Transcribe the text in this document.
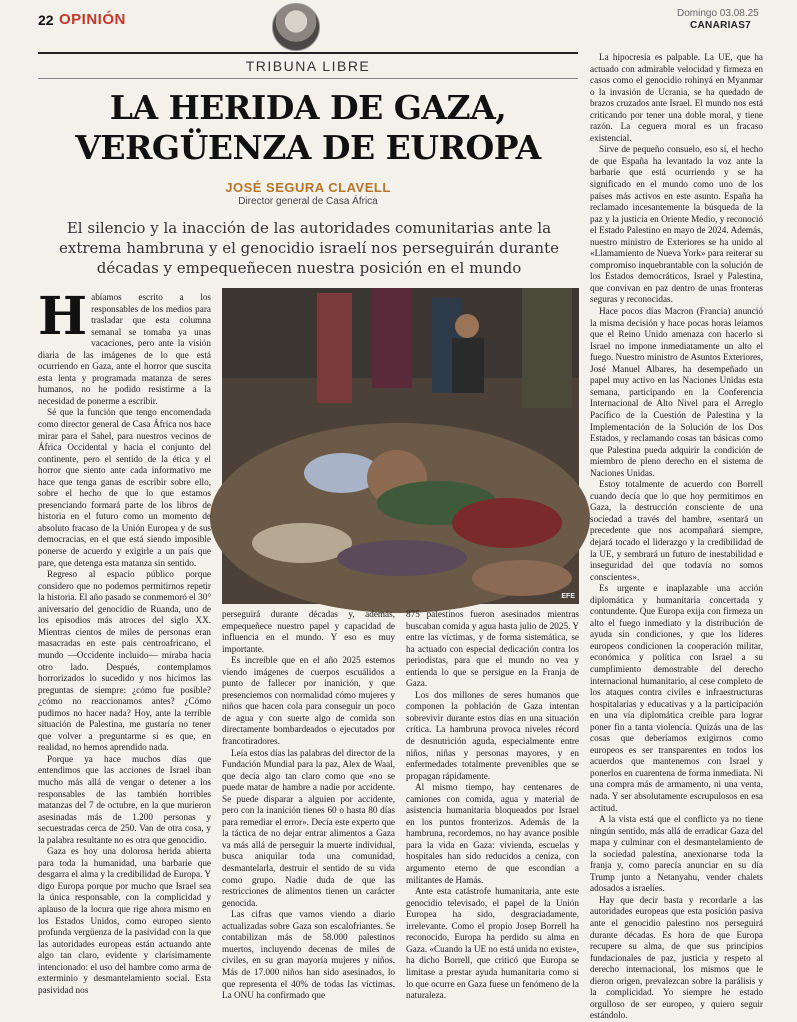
22 OPINIÓN	Domingo 03.08.25
CANARIAS7
TRIBUNA LIBRE
LA HERIDA DE GAZA,
VERGÜENZA DE EUROPA
JOSÉ SEGURA CLAVELL
Director general de Casa África
El silencio y la inacción de las autoridades comunitarias ante la extrema hambruna y el genocidio israelí nos perseguirán durante décadas y empequeñecen nuestra posición en el mundo
EFE
H abíamos escrito a los responsables de los medios para trasladar que esta columna semanal se tomaba ya unas vacaciones, pero ante la visión diaria de las imágenes de lo que está ocurriendo en Gaza, ante el horror que suscita esta lenta y programada matanza de seres humanos, no he podido resistirme a la necesidad de ponerme a escribir.

Sé que la función que tengo encomendada como director general de Casa África nos hace mirar para el Sahel, para nuestros vecinos de África Occidental y hacia el conjunto del continente, pero el sentido de la ética y el horror que siento ante cada informativo me hace que tenga ganas de escribir sobre ello, sobre el hecho de que lo que estamos presenciando formará parte de los libros de historia en el futuro como un momento de absoluto fracaso de la Unión Europea y de sus democracias, en el que está siendo imposible ponerse de acuerdo y exigirle a un país que pare, que detenga esta matanza sin sentido.

Regreso al espacio público porque considero que no podemos permitirnos repetir la historia. El año pasado se conmemoró el 30° aniversario del genocidio de Ruanda, uno de los episodios más atroces del siglo XX. Mientras cientos de miles de personas eran masacradas en este país centroafricano, el mundo —Occidente incluido— miraba hacia otro lado. Después, contemplamos horrorizados lo sucedido y nos hicimos las preguntas de siempre: ¿cómo fue posible? ¿cómo no reaccionamos antes? ¿Cómo pudimos no hacer nada? Hoy, ante la terrible situación de Palestina, me gustaría no tener que volver a preguntarme si es que, en realidad, no hemos aprendido nada.

Porque ya hace muchos días que entendimos que las acciones de Israel iban mucho más allá de vengar o detener a los responsables de las también horribles matanzas del 7 de octubre, en la que murieron asesinadas más de 1.200 personas y secuestradas cerca de 250. Van de otra cosa, y la palabra resultante no es otra que genocidio.

Gaza es hoy una dolorosa herida abierta para toda la humanidad, una barbarie que desgarra el alma y la credibilidad de Europa. Y digo Europa porque por mucho que Israel sea la única responsable, con la complicidad y aplauso de la locura que rige ahora mismo en los Estados Unidos, como europeo siento profunda vergüenza de la pasividad con la que las autoridades europeas están actuando ante algo tan claro, evidente y clarísimamente intencionado: el uso del hambre como arma de exterminio y desmantelamiento social. Esta pasividad nos

perseguirá durante décadas y, además, empequeñece nuestro papel y capacidad de influencia en el mundo. Y eso es muy importante.

Es increíble que en el año 2025 estemos viendo imágenes de cuerpos escuálidos a punto de fallecer por inanición, y que presenciemos con normalidad cómo mujeres y niños que hacen cola para conseguir un poco de agua y con suerte algo de comida son directamente bombardeados o ejecutados por francotiradores.

Leía estos días las palabras del director de la Fundación Mundial para la paz, Alex de Waal, que decía algo tan claro como que «no se puede matar de hambre a nadie por accidente. Se puede disparar a alguien por accidente, pero con la inanición tienes 60 o hasta 80 días para remediar el error». Decía este experto que la táctica de no dejar entrar alimentos a Gaza va más allá de perseguir la muerte individual, busca aniquilar toda una comunidad, desmantelarla, destruir el sentido de su vida como grupo. Nadie duda de que las restricciones de alimentos tienen un carácter genocida.

Las cifras que vamos viendo a diario actualizadas sobre Gaza son escalofriantes. Se contabilizan más de 58.000 palestinos muertos, incluyendo decenas de miles de civiles, en su gran mayoría mujeres y niños. Más de 17.000 niños han sido asesinados, lo que representa el 40% de todas las víctimas. La ONU ha confirmado que

875 palestinos fueron asesinados mientras buscaban comida y agua hasta julio de 2025. Y entre las víctimas, y de forma sistemática, se ha actuado con especial dedicación contra los periodistas, para que el mundo no vea y entienda lo que se persigue en la Franja de Gaza.

Los dos millones de seres humanos que componen la población de Gaza intentan sobrevivir durante estos días en una situación crítica. La hambruna provoca niveles récord de desnutrición aguda, especialmente entre niños, niñas y personas mayores, y en enfermedades totalmente prevenibles que se propagan rápidamente.

Al mismo tiempo, hay centenares de camiones con comida, agua y material de asistencia humanitaria bloqueados por Israel en los puntos fronterizos. Además de la hambruna, recordemos, no hay avance posible para la vida en Gaza: vivienda, escuelas y hospitales han sido reducidos a ceniza, con argumento eterno de que escondían a militantes de Hamás.

Ante esta catástrofe humanitaria, ante este genocidio televisado, el papel de la Unión Europea ha sido, desgraciadamente, irrelevante. Como el propio Josep Borrell ha reconocido, Europa ha perdido su alma en Gaza. «Cuando la UE no está unida no existe», ha dicho Borrell, que criticó que Europa se limitase a prestar ayuda humanitaria como si lo que ocurre en Gaza fuese un fenómeno de la naturaleza.

La hipocresía es palpable. La UE, que ha actuado con admirable velocidad y firmeza en casos como el genocidio rohinyá en Myanmar o la invasión de Ucrania, se ha quedado de brazos cruzados ante Israel. El mundo nos está criticando por tener una doble moral, y tiene razón. La ceguera moral es un fracaso existencial.

Sirve de pequeño consuelo, eso sí, el hecho de que España ha levantado la voz ante la barbarie que está ocurriendo y se ha significado en el mundo como uno de los países más activos en este asunto. España ha reclamado incesantemente la búsqueda de la paz y la justicia en Oriente Medio, y reconoció el Estado Palestino en mayo de 2024. Además, nuestro ministro de Exteriores se ha unido al «Llamamiento de Nueva York» para reiterar su compromiso inquebrantable con la solución de los Estados democráticos, Israel y Palestina, que convivan en paz dentro de unas fronteras seguras y reconocidas.

Hace pocos días Macron (Francia) anunció la misma decisión y hace pocas horas leíamos que el Reino Unido amenaza con hacerlo si Israel no impone inmediatamente un alto el fuego. Nuestro ministro de Asuntos Exteriores, José Manuel Albares, ha desempeñado un papel muy activo en las Naciones Unidas esta semana, participando en la Conferencia Internacional de Alto Nivel para el Arreglo Pacífico de la Cuestión de Palestina y la Implementación de la Solución de los Dos Estados, y reclamando cosas tan básicas como que Palestina pueda adquirir la condición de miembro de pleno derecho en el sistema de Naciones Unidas.

Estoy totalmente de acuerdo con Borrell cuando decía que lo que hoy permitimos en Gaza, la destrucción consciente de una sociedad a través del hambre, «sentará un precedente que nos acompañará siempre, dejará tocado el liderazgo y la credibilidad de la UE, y sembrará un futuro de inestabilidad e inseguridad del que todavía no somos conscientes».

Es urgente e inaplazable una acción diplomática y humanitaria concertada y contundente. Que Europa exija con firmeza un alto el fuego inmediato y la distribución de ayuda sin condiciones, y que los líderes europeos condicionen la cooperación militar, económica y política con Israel a su cumplimiento demostrable del derecho internacional humanitario, al cese completo de los ataques contra civiles e infraestructuras hospitalarias y educativas y a la participación en una vía diplomática creíble para lograr poner fin a tanta violencia. Quizás una de las cosas que deberíamos exigirnos como europeos es ser transparentes en todos los acuerdos que mantenemos con Israel y ponerlos en cuarentena de forma inmediata. Ni una compra más de armamento, ni una venta, nada. Y ser absolutamente escrupulosos en esa actitud.

A la vista está que el conflicto ya no tiene ningún sentido, más allá de erradicar Gaza del mapa y culminar con el desmantelamiento de la sociedad palestina, anexionarse toda la franja y, como parecía anunciar en su día Trump junto a Netanyahu, vender chalets adosados a israelíes.

Hay que decir basta y recordarle a las autoridades europeas que esta posición pasiva ante el genocidio palestino nos perseguirá durante décadas. Es hora de que Europa recupere su alma, de que sus principios fundacionales de paz, justicia y respeto al derecho internacional, los mismos que le dieron origen, prevalezcan sobre la parálisis y la complicidad. Yo siempre he estado orgulloso de ser europeo, y quiero seguir estándolo.
